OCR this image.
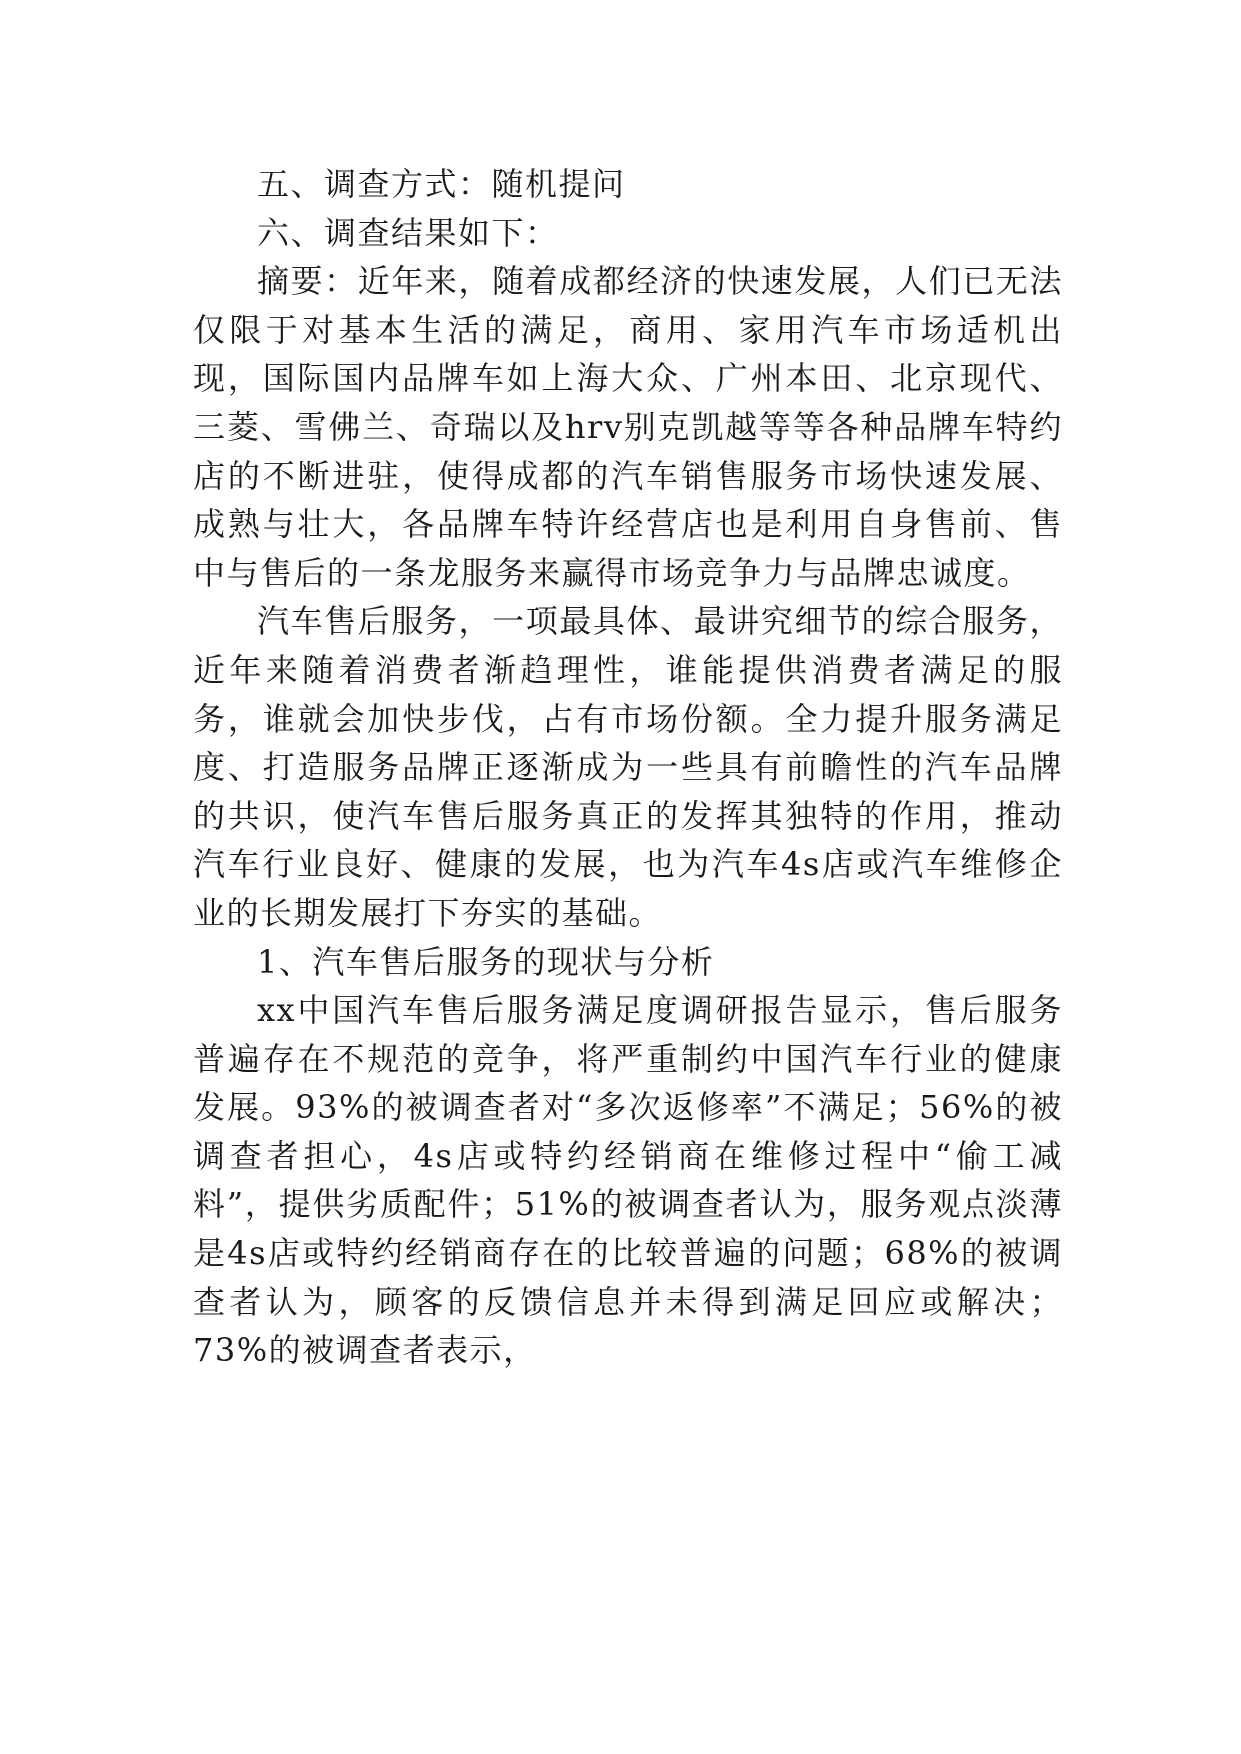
五、调查方式：随机提问

六、调查结果如下：

摘要：近年来，随着成都经济的快速发展，人们已无法仅限于对基本生活的满足，商用、家用汽车市场适机出现，国际国内品牌车如上海大众、广州本田、北京现代、三菱、雪佛兰、奇瑞以及hrv别克凯越等等各种品牌车特约店的不断进驻，使得成都的汽车销售服务市场快速发展、成熟与壮大，各品牌车特许经营店也是利用自身售前、售中与售后的一条龙服务来赢得市场竞争力与品牌忠诚度。

汽车售后服务，一项最具体、最讲究细节的综合服务，近年来随着消费者渐趋理性，谁能提供消费者满足的服务，谁就会加快步伐，占有市场份额。全力提升服务满足度、打造服务品牌正逐渐成为一些具有前瞻性的汽车品牌的共识，使汽车售后服务真正的发挥其独特的作用，推动汽车行业良好、健康的发展，也为汽车4s店或汽车维修企业的长期发展打下夯实的基础。

1、汽车售后服务的现状与分析

xx中国汽车售后服务满足度调研报告显示，售后服务普遍存在不规范的竞争，将严重制约中国汽车行业的健康发展。93%的被调查者对“多次返修率”不满足；56%的被调查者担心，4s店或特约经销商在维修过程中“偷工减料”，提供劣质配件；51%的被调查者认为，服务观点淡薄是4s店或特约经销商存在的比较普遍的问题；68%的被调查者认为，顾客的反馈信息并未得到满足回应或解决；73%的被调查者表示，
